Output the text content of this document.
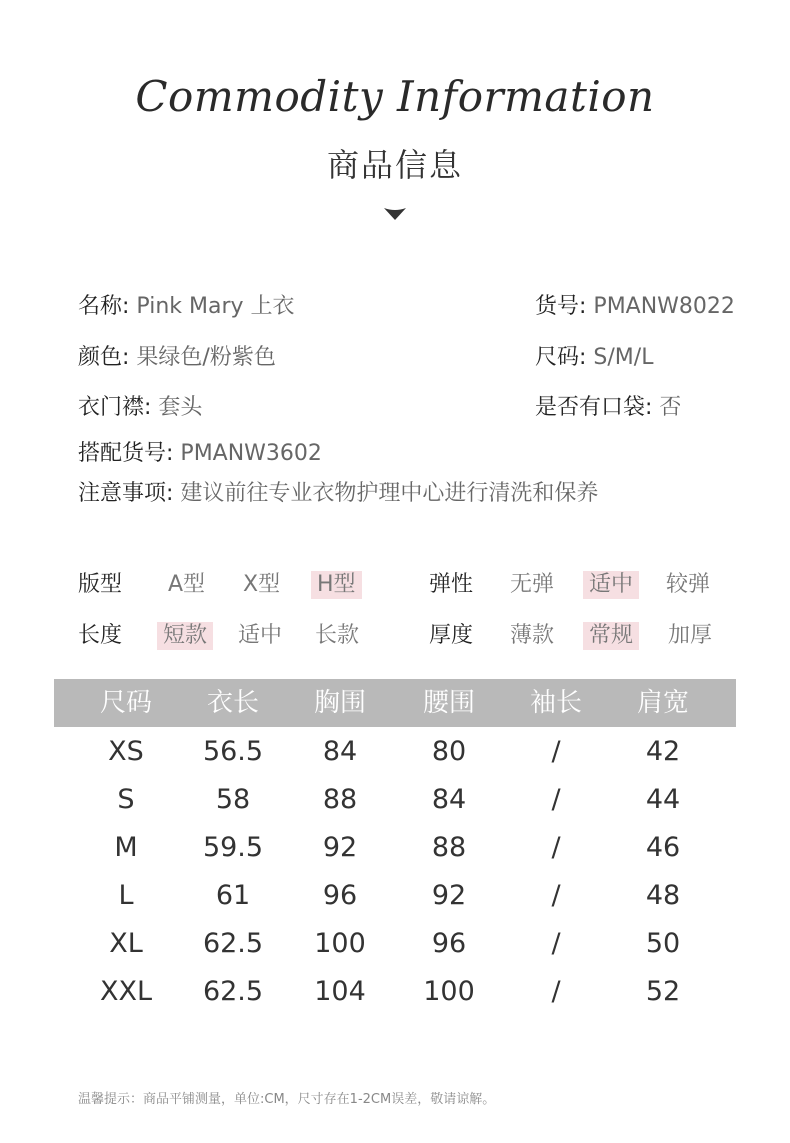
Commodity Information
商品信息
名称: Pink Mary 上衣	货号: PMANW8022
颜色: 果绿色/粉紫色	尺码: S/M/L
衣门襟: 套头	是否有口袋: 否
搭配货号: PMANW3602
注意事项: 建议前往专业衣物护理中心进行清洗和保养
版型 A型 X型 H型	弹性 无弹 适中 较弹
长度 短款 适中 长款	厚度 薄款 常规 加厚
尺码	衣长	胸围	腰围	袖长	肩宽
XS	56.5	84	80	/	42
S	58	88	84	/	44
M	59.5	92	88	/	46
L	61	96	92	/	48
XL	62.5	100	96	/	50
XXL	62.5	104	100	/	52
温馨提示：商品平铺测量，单位:CM，尺寸存在1-2CM误差，敬请谅解。
